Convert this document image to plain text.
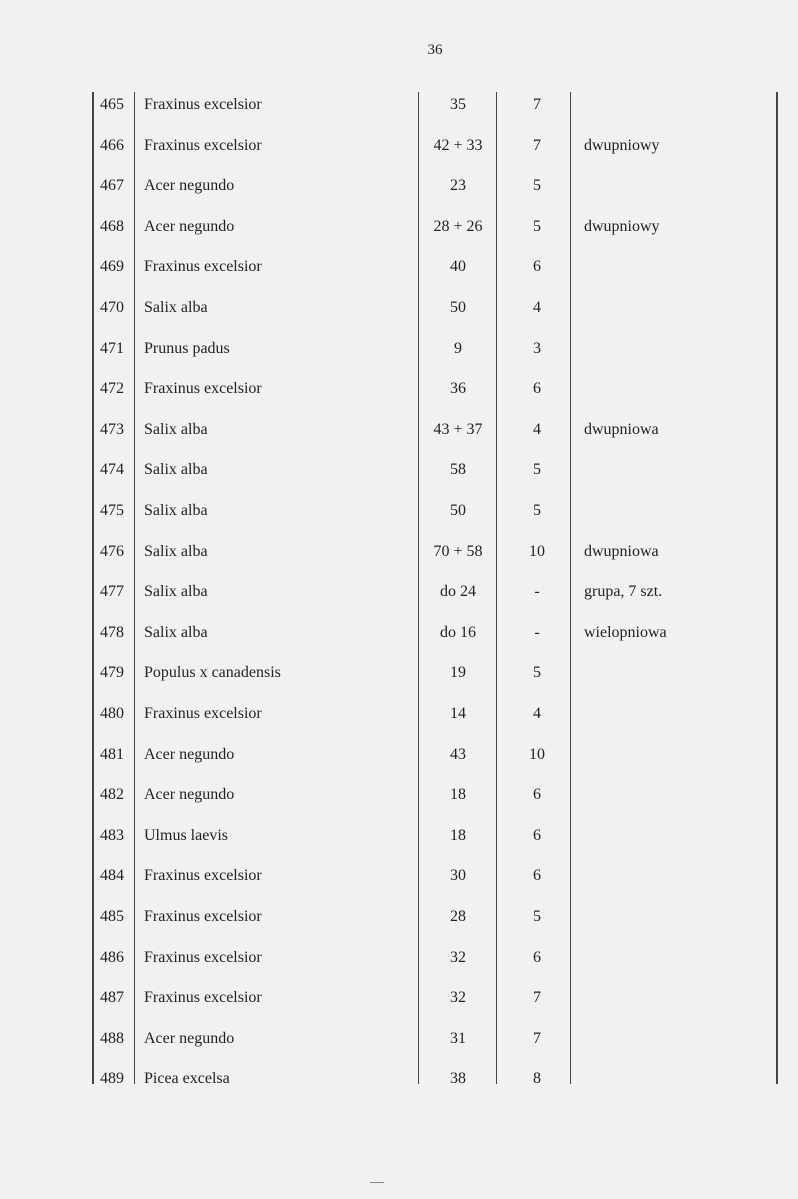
36
465	Fraxinus excelsior	35	7
466	Fraxinus excelsior	42 + 33	7	dwupniowy
467	Acer negundo	23	5
468	Acer negundo	28 + 26	5	dwupniowy
469	Fraxinus excelsior	40	6
470	Salix alba	50	4
471	Prunus padus	9	3
472	Fraxinus excelsior	36	6
473	Salix alba	43 + 37	4	dwupniowa
474	Salix alba	58	5
475	Salix alba	50	5
476	Salix alba	70 + 58	10	dwupniowa
477	Salix alba	do 24	-	grupa, 7 szt.
478	Salix alba	do 16	-	wielopniowa
479	Populus x canadensis	19	5
480	Fraxinus excelsior	14	4
481	Acer negundo	43	10
482	Acer negundo	18	6
483	Ulmus laevis	18	6
484	Fraxinus excelsior	30	6
485	Fraxinus excelsior	28	5
486	Fraxinus excelsior	32	6
487	Fraxinus excelsior	32	7
488	Acer negundo	31	7
489	Picea excelsa	38	8
